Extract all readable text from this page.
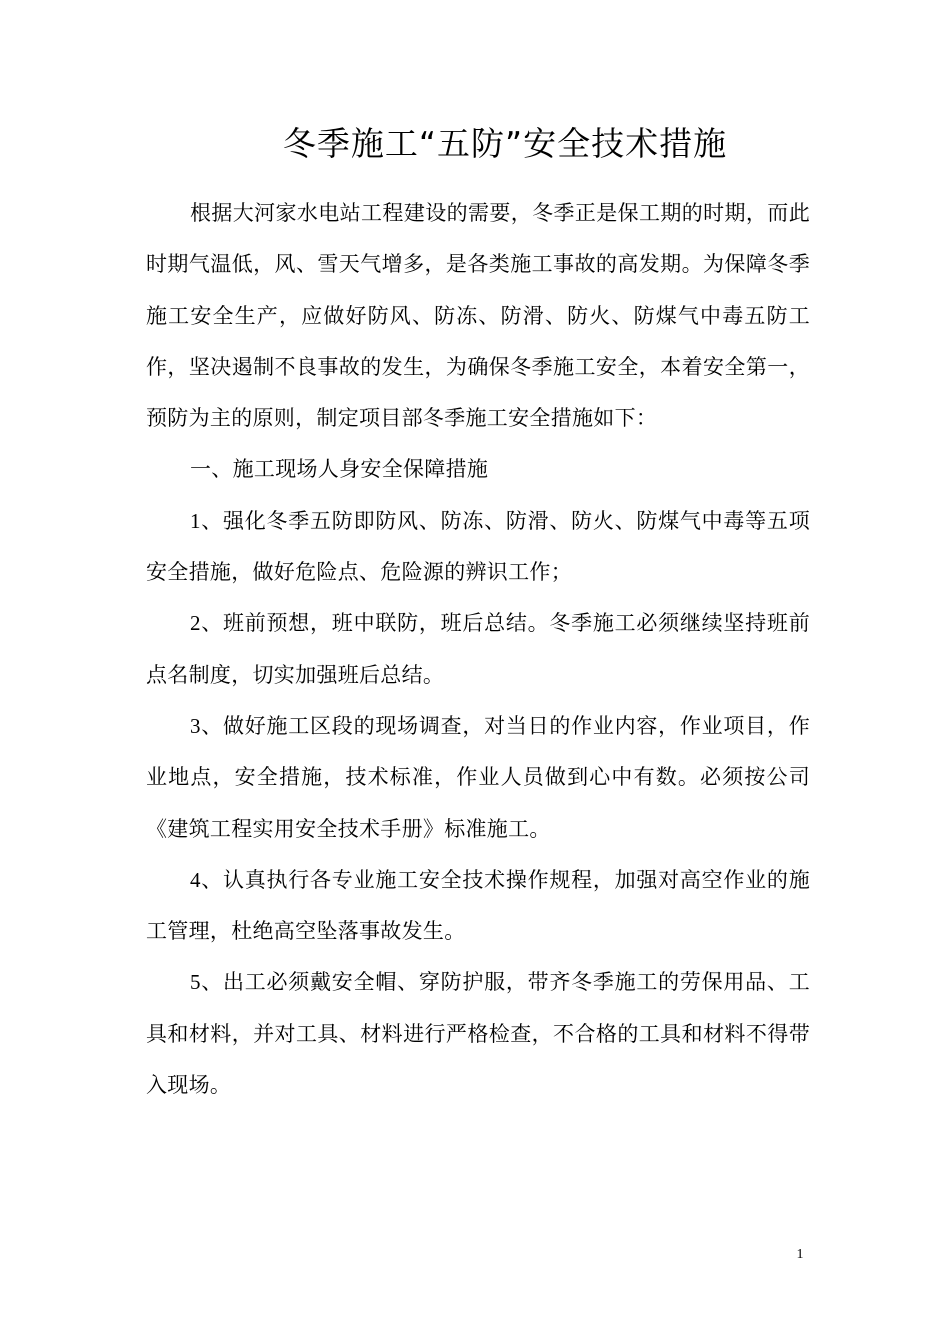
冬季施工“五防”安全技术措施

根据大河家水电站工程建设的需要，冬季正是保工期的时期，而此时期气温低，风、雪天气增多，是各类施工事故的高发期。为保障冬季施工安全生产，应做好防风、防冻、防滑、防火、防煤气中毒五防工作，坚决遏制不良事故的发生，为确保冬季施工安全，本着安全第一，预防为主的原则，制定项目部冬季施工安全措施如下：

一、施工现场人身安全保障措施

1、强化冬季五防即防风、防冻、防滑、防火、防煤气中毒等五项安全措施，做好危险点、危险源的辨识工作；

2、班前预想，班中联防，班后总结。冬季施工必须继续坚持班前点名制度，切实加强班后总结。

3、做好施工区段的现场调查，对当日的作业内容，作业项目，作业地点，安全措施，技术标准，作业人员做到心中有数。必须按公司《建筑工程实用安全技术手册》标准施工。

4、认真执行各专业施工安全技术操作规程，加强对高空作业的施工管理，杜绝高空坠落事故发生。

5、出工必须戴安全帽、穿防护服，带齐冬季施工的劳保用品、工具和材料，并对工具、材料进行严格检查，不合格的工具和材料不得带入现场。

1
